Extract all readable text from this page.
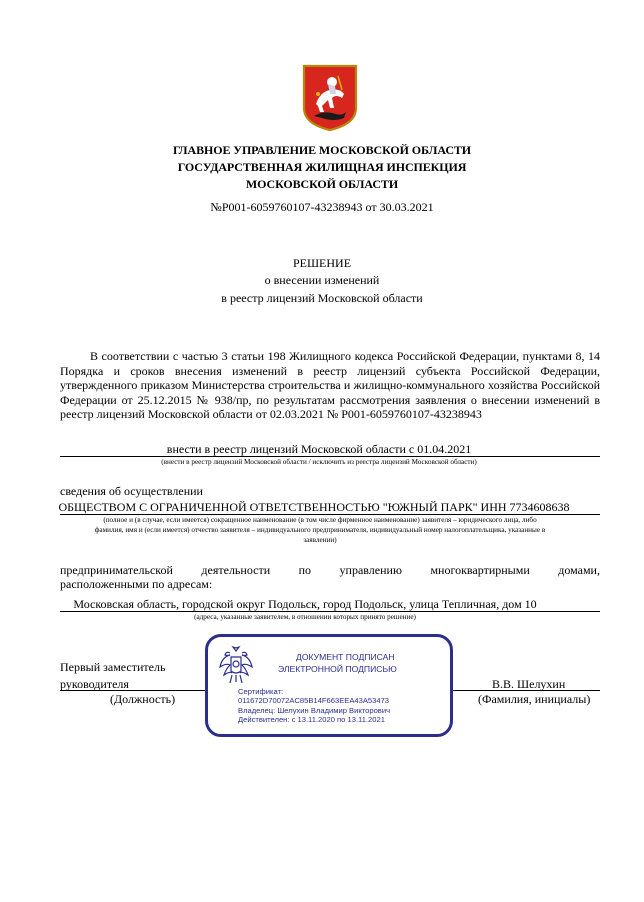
ГЛАВНОЕ УПРАВЛЕНИЕ МОСКОВСКОЙ ОБЛАСТИ
ГОСУДАРСТВЕННАЯ ЖИЛИЩНАЯ ИНСПЕКЦИЯ
МОСКОВСКОЙ ОБЛАСТИ
№Р001-6059760107-43238943 от 30.03.2021
РЕШЕНИЕ
о внесении изменений
в реестр лицензий Московской области

В соответствии с частью 3 статьи 198 Жилищного кодекса Российской Федерации, пунктами 8, 14 Порядка и сроков внесения изменений в реестр лицензий субъекта Российской Федерации, утвержденного приказом Министерства строительства и жилищно-коммунального хозяйства Российской Федерации от 25.12.2015 № 938/пр, по результатам рассмотрения заявления о внесении изменений в реестр лицензий Московской области от 02.03.2021 № Р001-6059760107-43238943

внести в реестр лицензий Московской области с 01.04.2021
(внести в реестр лицензий Московской области / исключить из реестра лицензий Московской области)
сведения об осуществлении
ОБЩЕСТВОМ С ОГРАНИЧЕННОЙ ОТВЕТСТВЕННОСТЬЮ "ЮЖНЫЙ ПАРК" ИНН 7734608638
(полное и (в случае, если имеется) сокращенное наименование (в том числе фирменное наименование) заявителя – юридического лица, либо
фамилия, имя и (если имеется) отчество заявителя – индивидуального предпринимателя, индивидуальный номер налогоплательщика, указанные в
заявлении)
предпринимательской деятельности по управлению многоквартирными домами,
расположенными по адресам:
Московская область, городской округ Подольск, город Подольск, улица Тепличная, дом 10
(адреса, указанные заявителем, в отношении которых принято решение)
Первый заместитель
руководителя
(Должность)
В.В. Шелухин
(Фамилия, инициалы)
ДОКУМЕНТ ПОДПИСАН
ЭЛЕКТРОННОЙ ПОДПИСЬЮ
Сертификат:
011672D70072AC85B14F663EEA43A53473
Владелец: Шелухин Владимир Викторович
Действителен: с 13.11.2020 по 13.11.2021
